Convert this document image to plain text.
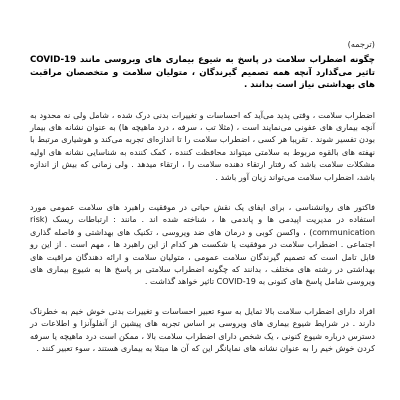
(ترجمه)

چگونه اضطراب سلامت در پاسخ به شیوع بیماری های ویروسی مانند COVID-19 تاثیر می‌گذارد آنچه همه تصمیم گیرندگان ، متولیان سلامت و متخصصان مراقبت های بهداشتی نیاز است بدانند .

اضطراب سلامت ، وقتی پدید می‌آید که احساسات و تغییرات بدنی درک شده ، شامل ولی نه محدود به آنچه بیماری های عفونی می‌نمایند است ، (مثلا تب ، سرفه ، درد ماهیچه ها) به عنوان نشانه های بیمار بودن تفسیر شوند . تقریبا هر کسی ، اضطراب سلامت را تا اندازه‌ای تجربه می‌کند و هوشیاری مرتبط با نهفته های بالقوه مربوط به سلامتی میتواند محافظت کننده ، کمک کننده به شناسایی نشانه های اولیه مشکلات سلامت باشد که رفتار ارتقاء دهنده سلامت را ، ارتقاء میدهد . ولی زمانی که بیش از اندازه باشد، اضطراب سلامت می‌تواند زیان آور باشد .

فاکتور های روانشناسی ، برای ایفای یک نقش حیاتی در موفقیت راهبرد های سلامت عمومی مورد استفاده در مدیریت اپیدمی ها و پاندمی ها ، شناخته شده اند . مانند : ارتباطات ریسک (risk communication) ، واکسن کوبی و درمان های ضد ویروسی ، تکنیک های بهداشتی و فاصله گذاری اجتماعی . اضطراب سلامت در موفقیت یا شکست هر کدام از این راهبرد ها ، مهم است . از این رو قابل تامل است که تصمیم گیرندگان سلامت عمومی ، متولیان سلامت و ارائه دهندگان مراقبت های بهداشتی در رشته های مختلف ، بدانند که چگونه اضطراب سلامتی بر پاسخ ها به شیوع بیماری های ویروسی شامل پاسخ های کنونی به COVID-19 تاثیر خواهد گذاشت .

افراد دارای اضطراب سلامت بالا تمایل به سوء تعبیر احساسات و تغییرات بدنی خوش خیم به خطرناک دارند . در شرایط شیوع بیماری های ویروسی بر اساس تجربه های پیشین از آنفلوآنزا و اطلاعات در دسترس درباره شیوع کنونی ، یک شخص دارای اضطراب سلامت بالا ، ممکن است درد ماهیچه یا سرفه کردن خوش خیم را به عنوان نشانه های نمایانگر این که آن ها مبتلا به بیماری هستند ، سوء تعبیر کنند .
